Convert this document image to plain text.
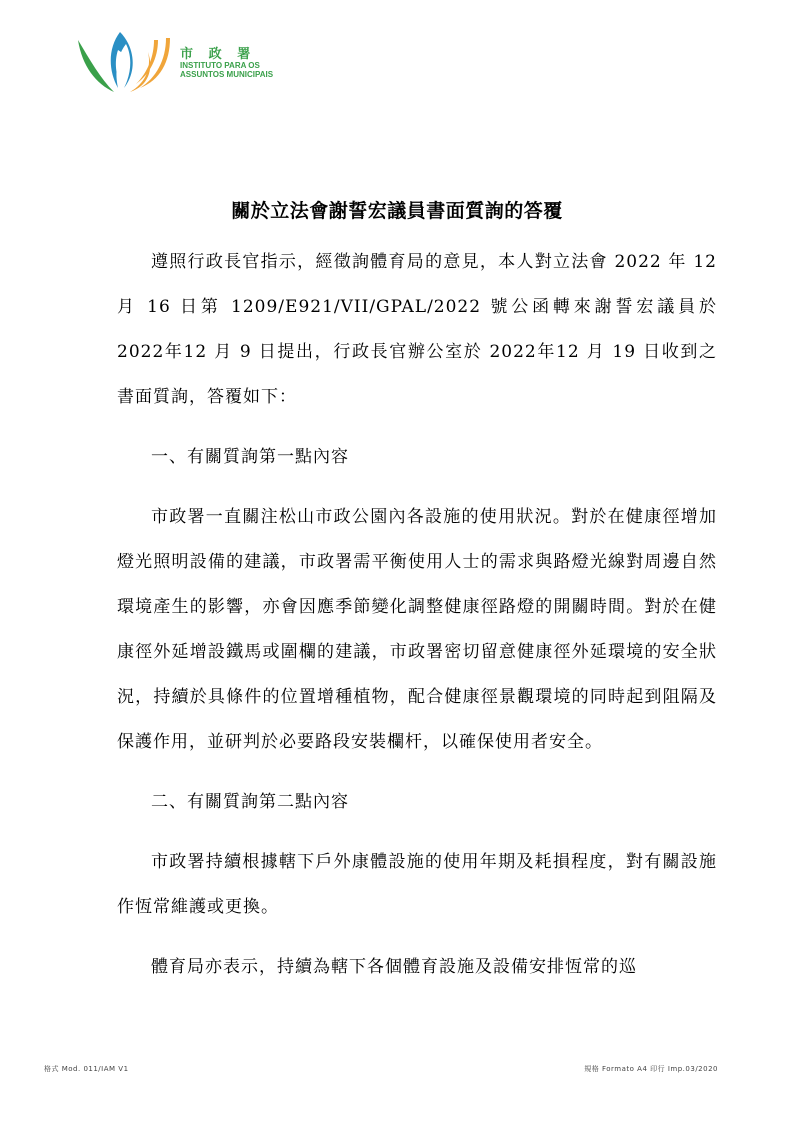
市 政 署
INSTITUTO PARA OS
ASSUNTOS MUNICIPAIS
關於立法會謝誓宏議員書面質詢的答覆

遵照行政長官指示，經徵詢體育局的意見，本人對立法會 2022 年 12 月 16 日第 1209/E921/VII/GPAL/2022 號公函轉來謝誓宏議員於 2022年12 月 9 日提出，行政長官辦公室於 2022年12 月 19 日收到之書面質詢，答覆如下：

一、有關質詢第一點內容

市政署一直關注松山市政公園內各設施的使用狀況。對於在健康徑增加燈光照明設備的建議，市政署需平衡使用人士的需求與路燈光線對周邊自然環境產生的影響，亦會因應季節變化調整健康徑路燈的開關時間。對於在健康徑外延增設鐵馬或圍欄的建議，市政署密切留意健康徑外延環境的安全狀況，持續於具條件的位置增種植物，配合健康徑景觀環境的同時起到阻隔及保護作用，並研判於必要路段安裝欄杆，以確保使用者安全。

二、有關質詢第二點內容

市政署持續根據轄下戶外康體設施的使用年期及耗損程度，對有關設施作恆常維護或更換。

體育局亦表示，持續為轄下各個體育設施及設備安排恆常的巡

格式 Mod. 011/IAM V1	規格 Formato A4 印行 Imp.03/2020
